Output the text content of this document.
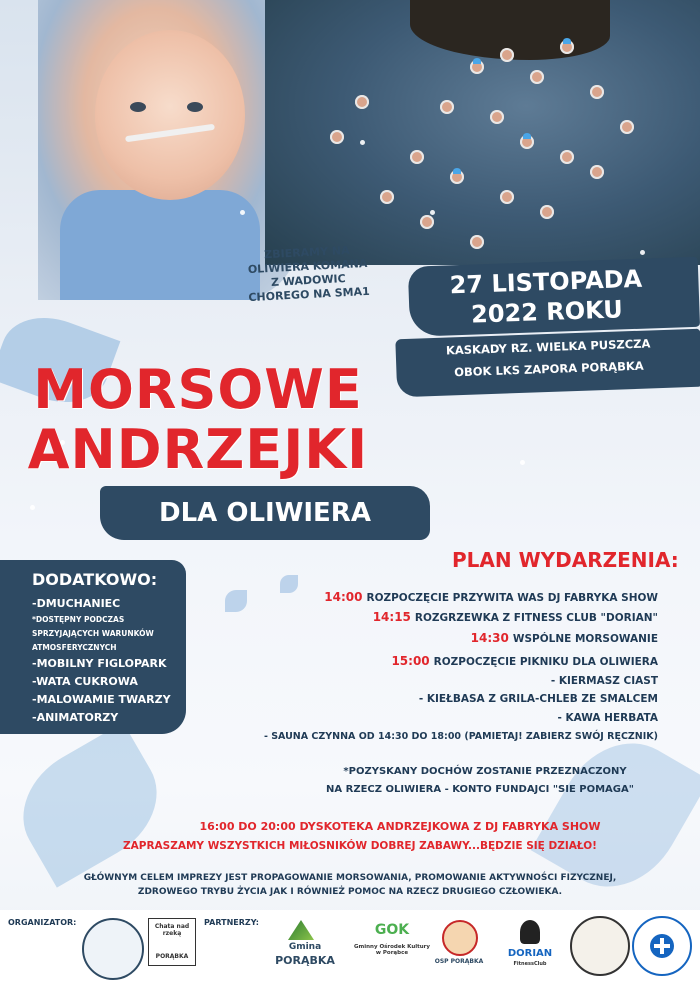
ZBIERAMY NA
OLIWIERA KOMANA
Z WADOWIC
CHOREGO NA SMA1	27 LISTOPADA
2022 ROKU
KASKADY RZ. WIELKA PUSZCZA
OBOK LKS ZAPORA PORĄBKA
MORSOWE
ANDRZEJKI
DLA OLIWIERA
DODATKOWO:
-DMUCHANIEC
*DOSTĘPNY PODCZAS
SPRZYJAJĄCYCH WARUNKÓW
ATMOSFERYCZNYCH
-MOBILNY FIGLOPARK
-WATA CUKROWA
-MALOWAMIE TWARZY
-ANIMATORZY
PLAN WYDARZENIA:
14:00 ROZPOCZĘCIE PRZYWITA WAS DJ FABRYKA SHOW
14:15 ROZGRZEWKA Z FITNESS CLUB "DORIAN"
14:30 WSPÓLNE MORSOWANIE
15:00 ROZPOCZĘCIE PIKNIKU DLA OLIWIERA
- KIERMASZ CIAST
- KIEŁBASA Z GRILA-CHLEB ZE SMALCEM
- KAWA HERBATA
- SAUNA CZYNNA OD 14:30 DO 18:00 (PAMIETAJ! ZABIERZ SWÓJ RĘCZNIK)
*POZYSKANY DOCHÓW ZOSTANIE PRZEZNACZONY
NA RZECZ OLIWIERA - KONTO FUNDAJCI "SIE POMAGA"
16:00 DO 20:00 DYSKOTEKA ANDRZEJKOWA Z DJ FABRYKA SHOW
ZAPRASZAMY WSZYSTKICH MIŁOSNIKÓW DOBREJ ZABAWY...BĘDZIE SIĘ DZIAŁO!
GŁÓWNYM CELEM IMPREZY JEST PROPAGOWANIE MORSOWANIA, PROMOWANIE AKTYWNOŚCI FIZYCZNEJ,
ZDROWEGO TRYBU ŻYCIA JAK I RÓWNIEŻ POMOC NA RZECZ DRUGIEGO CZŁOWIEKA.
ORGANIZATOR:	Chata nad rzeką
PORĄBKA
PARTNERZY:
Gmina
PORĄBKA
GOK
Gminny Ośrodek Kultury w Porąbce
OSP PORĄBKA
DORIAN
FitnessClub
